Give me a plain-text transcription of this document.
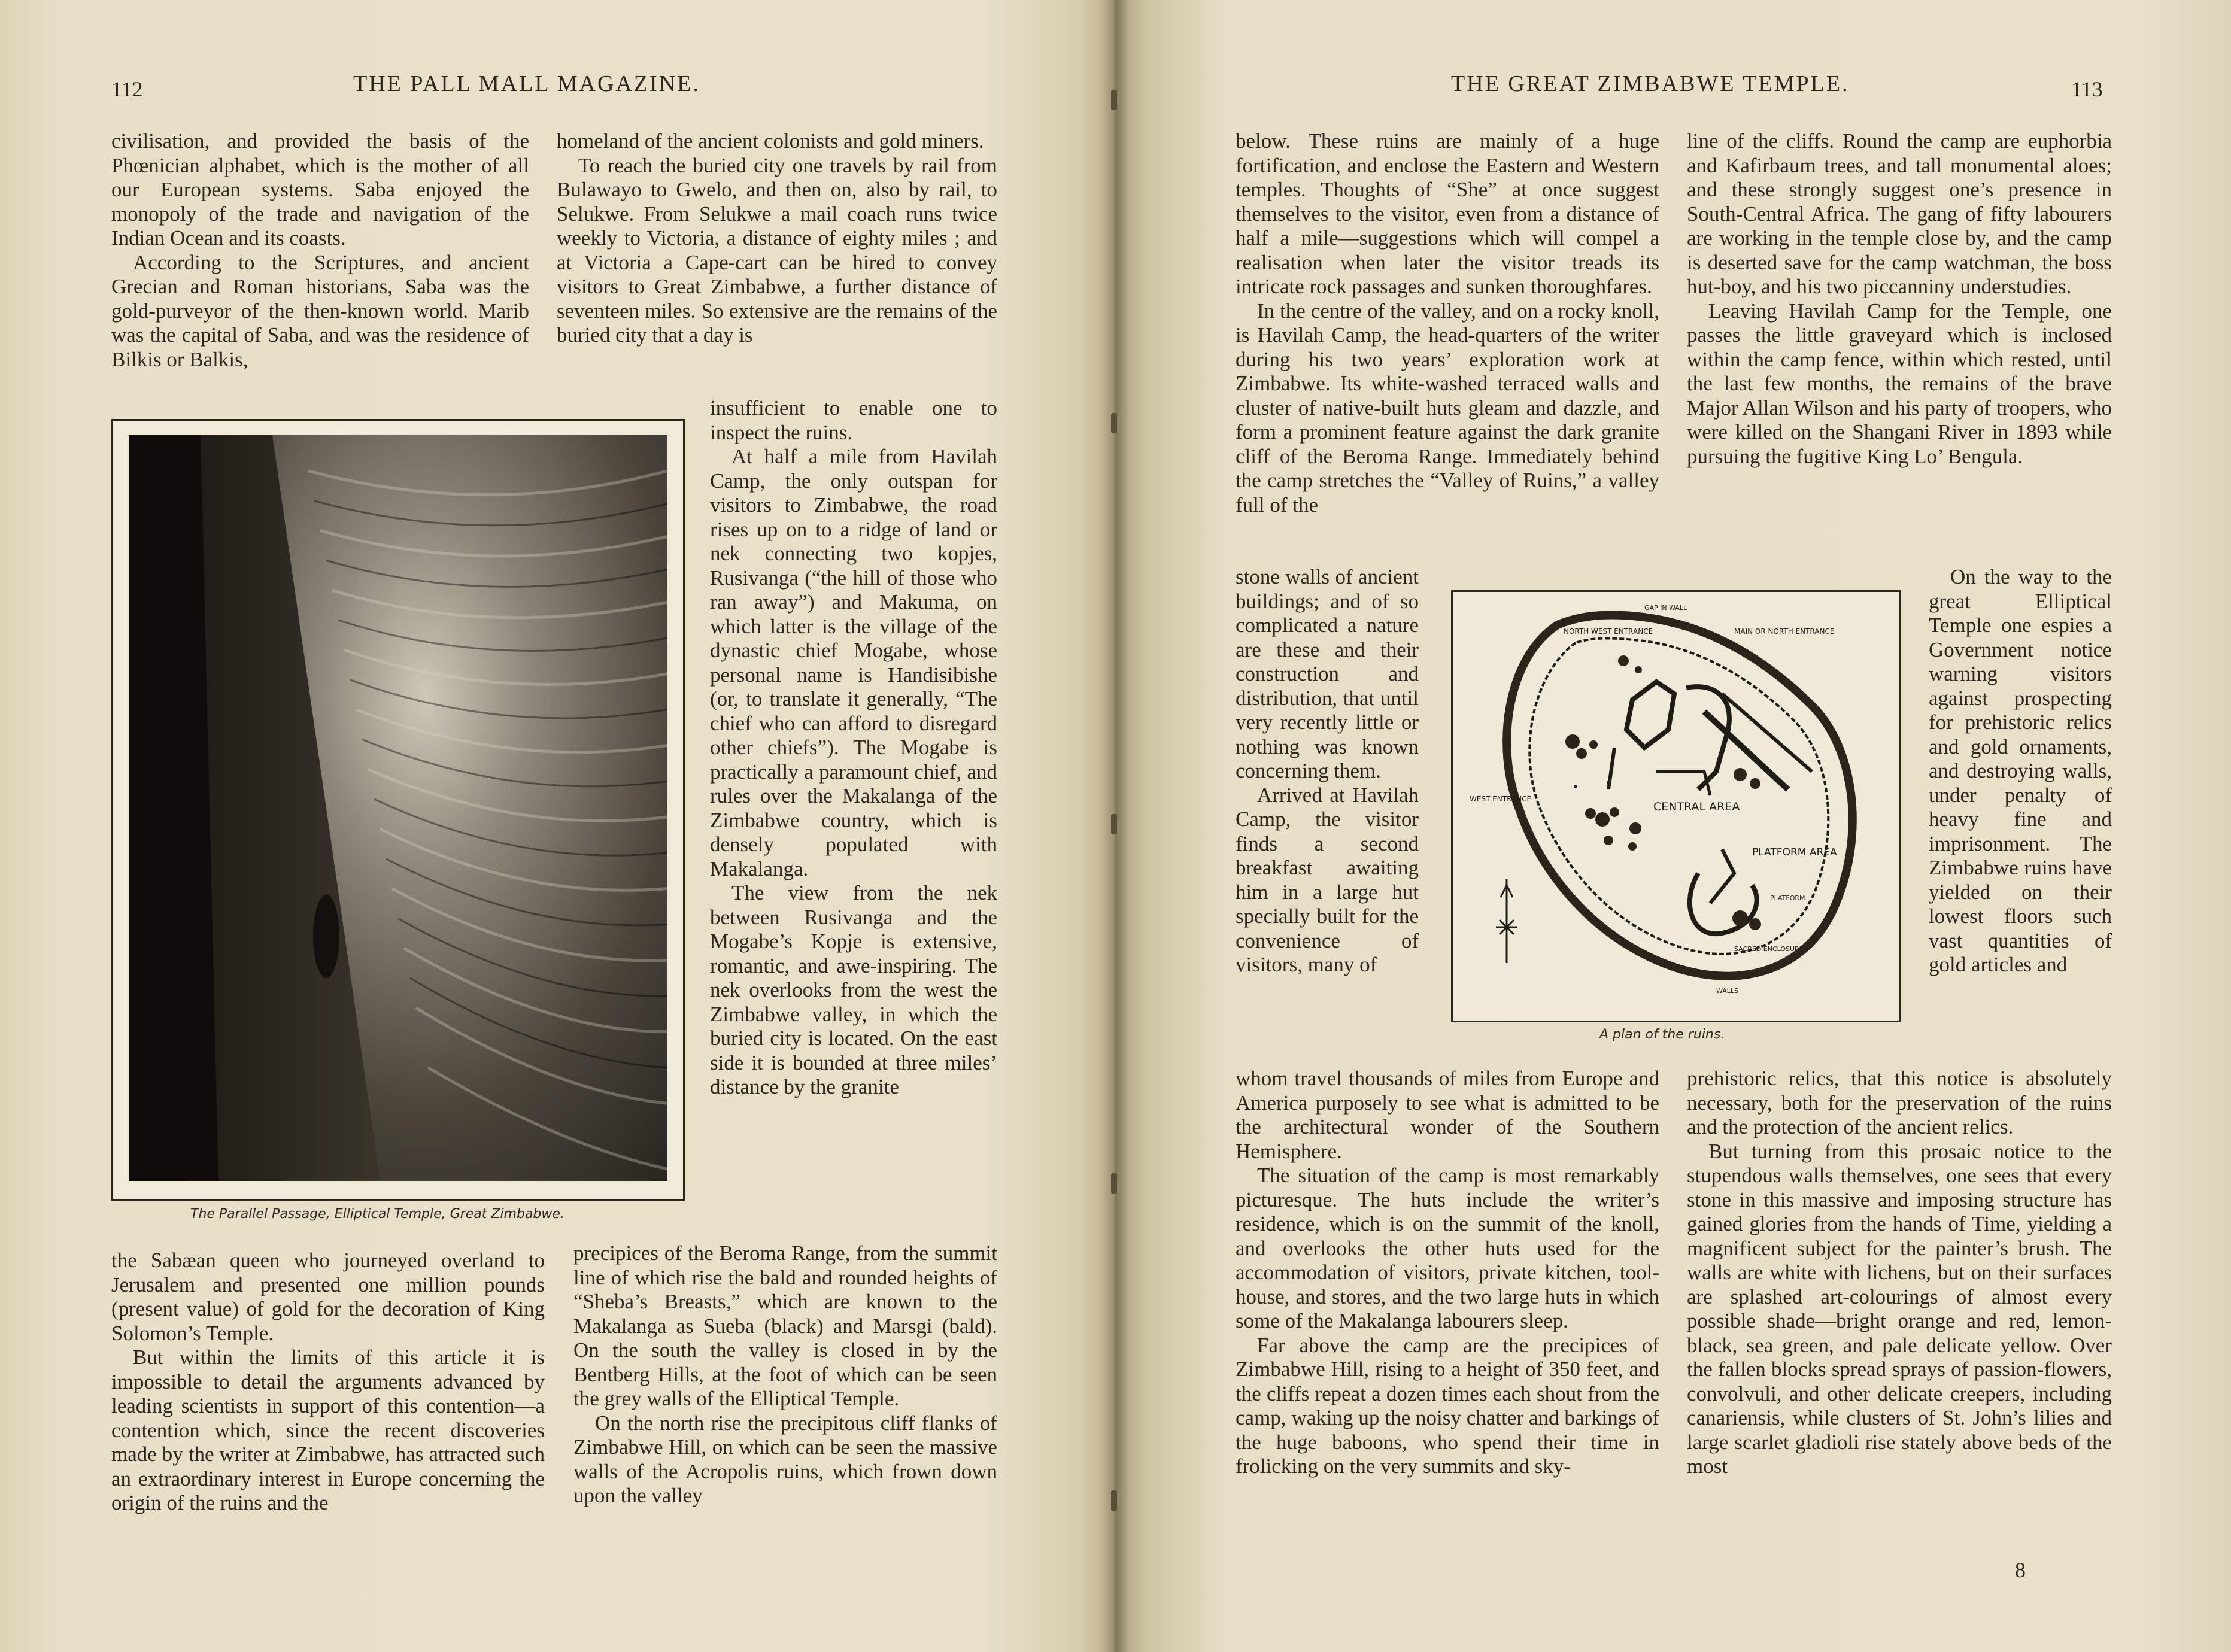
112	THE PALL MALL MAGAZINE.

civilisation, and provided the basis of the Phœnician alphabet, which is the mother of all our European systems. Saba enjoyed the monopoly of the trade and navigation of the Indian Ocean and its coasts.

According to the Scriptures, and ancient Grecian and Roman historians, Saba was the gold-purveyor of the then-known world. Marib was the capital of Saba, and was the residence of Bilkis or Balkis,

homeland of the ancient colonists and gold miners.

To reach the buried city one travels by rail from Bulawayo to Gwelo, and then on, also by rail, to Selukwe. From Selukwe a mail coach runs twice weekly to Victoria, a distance of eighty miles ; and at Victoria a Cape-cart can be hired to convey visitors to Great Zimbabwe, a further distance of seventeen miles. So extensive are the remains of the buried city that a day is

The Parallel Passage, Elliptical Temple, Great Zimbabwe.

insufficient to enable one to inspect the ruins.

At half a mile from Havilah Camp, the only outspan for visitors to Zimbabwe, the road rises up on to a ridge of land or nek connecting two kopjes, Rusivanga (“the hill of those who ran away”) and Makuma, on which latter is the village of the dynastic chief Mogabe, whose personal name is Handisibishe (or, to translate it generally, “The chief who can afford to disregard other chiefs”). The Mogabe is practically a paramount chief, and rules over the Makalanga of the Zimbabwe country, which is densely populated with Makalanga.

The view from the nek between Rusivanga and the Mogabe’s Kopje is extensive, romantic, and awe-inspiring. The nek overlooks from the west the Zimbabwe valley, in which the buried city is located. On the east side it is bounded at three miles’ distance by the granite

the Sabæan queen who journeyed overland to Jerusalem and presented one million pounds (present value) of gold for the decoration of King Solomon’s Temple.

But within the limits of this article it is impossible to detail the arguments advanced by leading scientists in support of this contention—a contention which, since the recent discoveries made by the writer at Zimbabwe, has attracted such an extraordinary interest in Europe concerning the origin of the ruins and the

precipices of the Beroma Range, from the summit line of which rise the bald and rounded heights of “Sheba’s Breasts,” which are known to the Makalanga as Sueba (black) and Marsgi (bald). On the south the valley is closed in by the Bentberg Hills, at the foot of which can be seen the grey walls of the Elliptical Temple.

On the north rise the precipitous cliff flanks of Zimbabwe Hill, on which can be seen the massive walls of the Acropolis ruins, which frown down upon the valley

THE GREAT ZIMBABWE TEMPLE.	113

below. These ruins are mainly of a huge fortification, and enclose the Eastern and Western temples. Thoughts of “She” at once suggest themselves to the visitor, even from a distance of half a mile—suggestions which will compel a realisation when later the visitor treads its intricate rock passages and sunken thoroughfares.

In the centre of the valley, and on a rocky knoll, is Havilah Camp, the head-quarters of the writer during his two years’ exploration work at Zimbabwe. Its white-washed terraced walls and cluster of native-built huts gleam and dazzle, and form a prominent feature against the dark granite cliff of the Beroma Range. Immediately behind the camp stretches the “Valley of Ruins,” a valley full of the

stone walls of ancient buildings; and of so complicated a nature are these and their construction and distribution, that until very recently little or nothing was known concerning them.

Arrived at Havilah Camp, the visitor finds a second breakfast awaiting him in a large hut specially built for the convenience of visitors, many of

GAP IN WALL
NORTH WEST ENTRANCE	MAIN OR NORTH ENTRANCE
WEST ENTRANCE
CENTRAL AREA
PLATFORM AREA
PLATFORM
SACRED ENCLOSURE
WALLS
A plan of the ruins.

whom travel thousands of miles from Europe and America purposely to see what is admitted to be the architectural wonder of the Southern Hemisphere.

The situation of the camp is most remarkably picturesque. The huts include the writer’s residence, which is on the summit of the knoll, and overlooks the other huts used for the accommodation of visitors, private kitchen, tool-house, and stores, and the two large huts in which some of the Makalanga labourers sleep.

Far above the camp are the precipices of Zimbabwe Hill, rising to a height of 350 feet, and the cliffs repeat a dozen times each shout from the camp, waking up the noisy chatter and barkings of the huge baboons, who spend their time in frolicking on the very summits and sky-

line of the cliffs. Round the camp are euphorbia and Kafirbaum trees, and tall monumental aloes; and these strongly suggest one’s presence in South-Central Africa. The gang of fifty labourers are working in the temple close by, and the camp is deserted save for the camp watchman, the boss hut-boy, and his two piccanniny understudies.

Leaving Havilah Camp for the Temple, one passes the little graveyard which is inclosed within the camp fence, within which rested, until the last few months, the remains of the brave Major Allan Wilson and his party of troopers, who were killed on the Shangani River in 1893 while pursuing the fugitive King Lo’ Bengula.

On the way to the great Elliptical Temple one espies a Government notice warning visitors against prospecting for prehistoric relics and gold ornaments, and destroying walls, under penalty of heavy fine and imprisonment. The Zimbabwe ruins have yielded on their lowest floors such vast quantities of gold articles and

prehistoric relics, that this notice is absolutely necessary, both for the preservation of the ruins and the protection of the ancient relics.

But turning from this prosaic notice to the stupendous walls themselves, one sees that every stone in this massive and imposing structure has gained glories from the hands of Time, yielding a magnificent subject for the painter’s brush. The walls are white with lichens, but on their surfaces are splashed art-colourings of almost every possible shade—bright orange and red, lemon-black, sea green, and pale delicate yellow. Over the fallen blocks spread sprays of passion-flowers, convolvuli, and other delicate creepers, including canariensis, while clusters of St. John’s lilies and large scarlet gladioli rise stately above beds of the most

8
